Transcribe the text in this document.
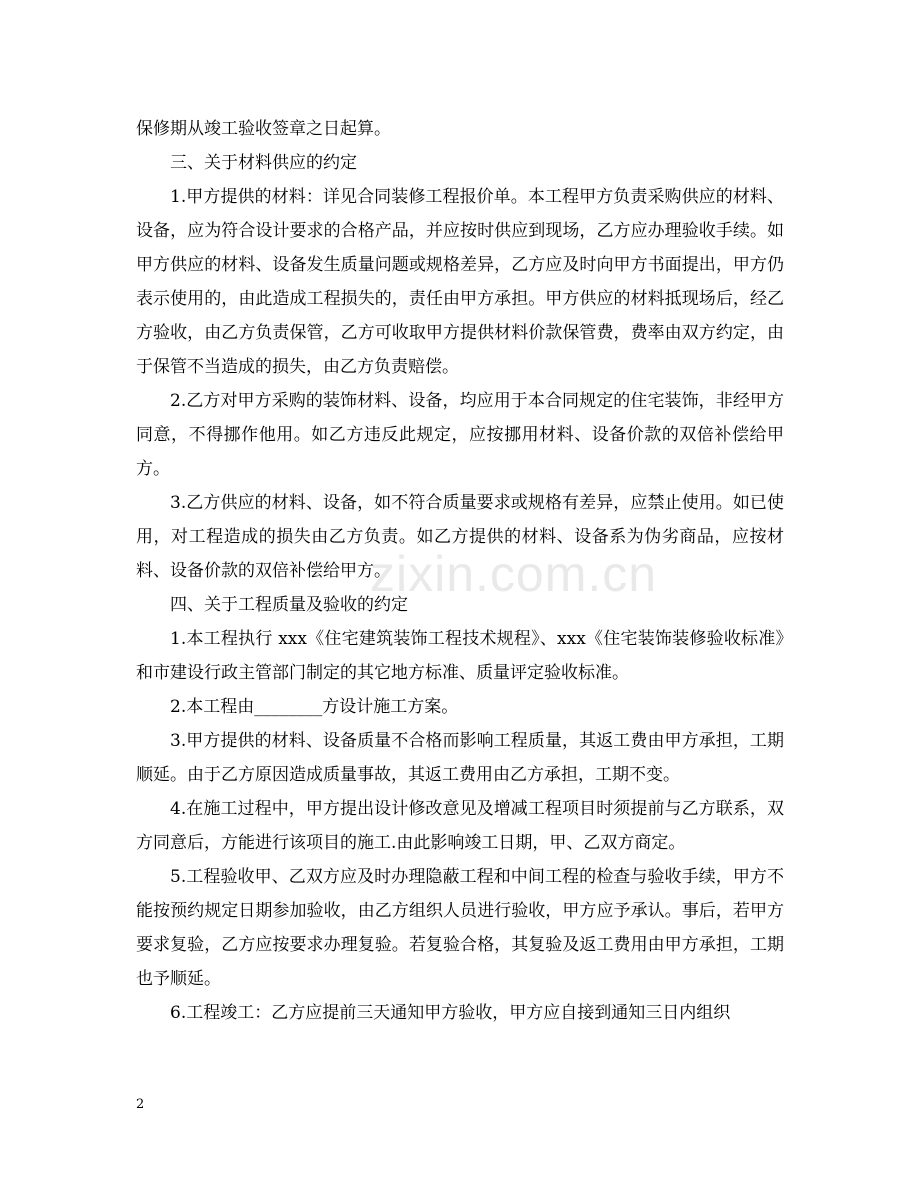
保修期从竣工验收签章之日起算。

三、关于材料供应的约定

1.甲方提供的材料：详见合同装修工程报价单。本工程甲方负责采购供应的材料、设备，应为符合设计要求的合格产品，并应按时供应到现场，乙方应办理验收手续。如甲方供应的材料、设备发生质量问题或规格差异，乙方应及时向甲方书面提出，甲方仍表示使用的，由此造成工程损失的，责任由甲方承担。甲方供应的材料抵现场后，经乙方验收，由乙方负责保管，乙方可收取甲方提供材料价款保管费，费率由双方约定，由于保管不当造成的损失，由乙方负责赔偿。

2.乙方对甲方采购的装饰材料、设备，均应用于本合同规定的住宅装饰，非经甲方同意，不得挪作他用。如乙方违反此规定，应按挪用材料、设备价款的双倍补偿给甲方。

3.乙方供应的材料、设备，如不符合质量要求或规格有差异，应禁止使用。如已使用，对工程造成的损失由乙方负责。如乙方提供的材料、设备系为伪劣商品，应按材料、设备价款的双倍补偿给甲方。

四、关于工程质量及验收的约定

1.本工程执行 xxx《住宅建筑装饰工程技术规程》、xxx《住宅装饰装修验收标准》和市建设行政主管部门制定的其它地方标准、质量评定验收标准。

2.本工程由________方设计施工方案。

3.甲方提供的材料、设备质量不合格而影响工程质量，其返工费由甲方承担，工期顺延。由于乙方原因造成质量事故，其返工费用由乙方承担，工期不变。

4.在施工过程中，甲方提出设计修改意见及增减工程项目时须提前与乙方联系，双方同意后，方能进行该项目的施工.由此影响竣工日期，甲、乙双方商定。

5.工程验收甲、乙双方应及时办理隐蔽工程和中间工程的检查与验收手续，甲方不能按预约规定日期参加验收，由乙方组织人员进行验收，甲方应予承认。事后，若甲方要求复验，乙方应按要求办理复验。若复验合格，其复验及返工费用由甲方承担，工期也予顺延。

6.工程竣工：乙方应提前三天通知甲方验收，甲方应自接到通知三日内组织

zixin.com.cn
2
